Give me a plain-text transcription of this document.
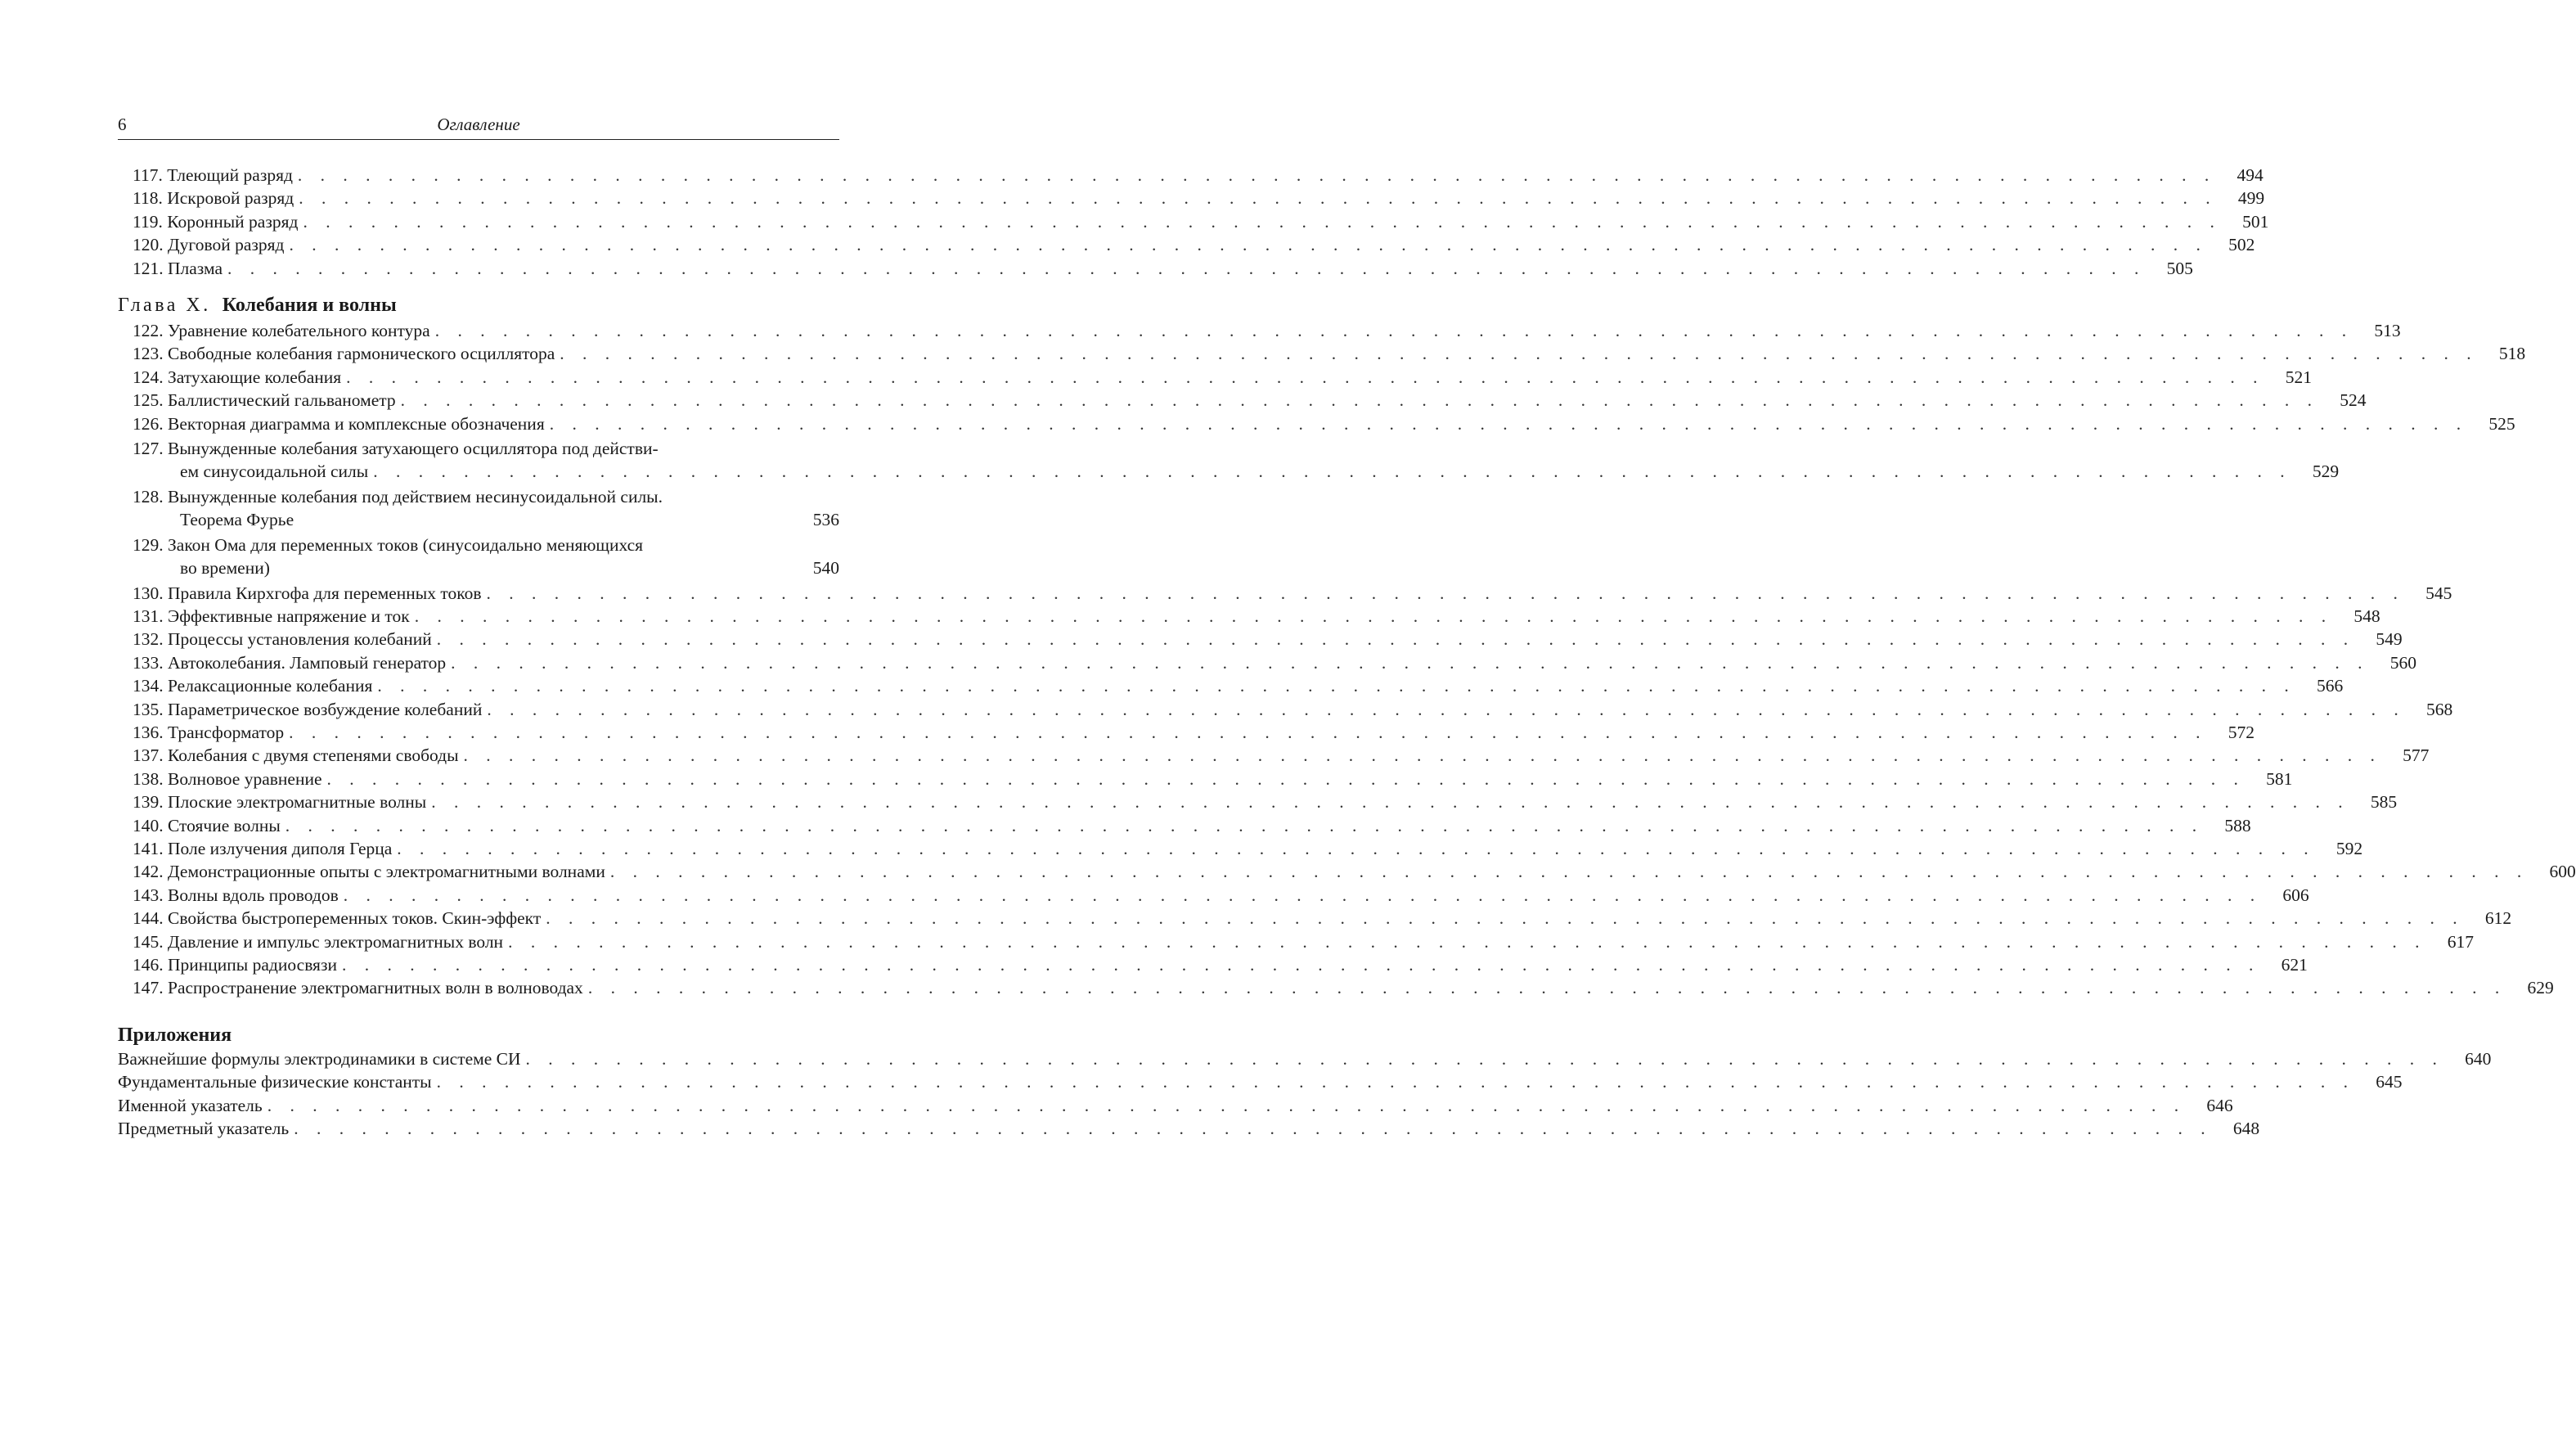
6	Оглавление
117. Тлеющий разряд . . . . . . . . . . . . . . . . . . . . . . . . . . . . . . . . . . . . . . . . . . . . . . . . . . . . . . . . . . . . . . . . . . . . . . . . . . . . . . . . . . . . .	494
118. Искровой разряд . . . . . . . . . . . . . . . . . . . . . . . . . . . . . . . . . . . . . . . . . . . . . . . . . . . . . . . . . . . . . . . . . . . . . . . . . . . . . . . . . . . . .	499
119. Коронный разряд . . . . . . . . . . . . . . . . . . . . . . . . . . . . . . . . . . . . . . . . . . . . . . . . . . . . . . . . . . . . . . . . . . . . . . . . . . . . . . . . . . . . .	501
120. Дуговой разряд . . . . . . . . . . . . . . . . . . . . . . . . . . . . . . . . . . . . . . . . . . . . . . . . . . . . . . . . . . . . . . . . . . . . . . . . . . . . . . . . . . . . .	502
121. Плазма . . . . . . . . . . . . . . . . . . . . . . . . . . . . . . . . . . . . . . . . . . . . . . . . . . . . . . . . . . . . . . . . . . . . . . . . . . . . . . . . . . . . .	505
Глава X. Колебания и волны
122. Уравнение колебательного контура . . . . . . . . . . . . . . . . . . . . . . . . . . . . . . . . . . . . . . . . . . . . . . . . . . . . . . . . . . . . . . . . . . . . . . . . . . . . . . . . . . . . .	513
123. Свободные колебания гармонического осциллятора . . . . . . . . . . . . . . . . . . . . . . . . . . . . . . . . . . . . . . . . . . . . . . . . . . . . . . . . . . . . . . . . . . . . . . . . . . . . . . . . . . . . .	518
124. Затухающие колебания . . . . . . . . . . . . . . . . . . . . . . . . . . . . . . . . . . . . . . . . . . . . . . . . . . . . . . . . . . . . . . . . . . . . . . . . . . . . . . . . . . . . .	521
125. Баллистический гальванометр . . . . . . . . . . . . . . . . . . . . . . . . . . . . . . . . . . . . . . . . . . . . . . . . . . . . . . . . . . . . . . . . . . . . . . . . . . . . . . . . . . . . .	524
126. Векторная диаграмма и комплексные обозначения . . . . . . . . . . . . . . . . . . . . . . . . . . . . . . . . . . . . . . . . . . . . . . . . . . . . . . . . . . . . . . . . . . . . . . . . . . . . . . . . . . . . .	525
127. Вынужденные колебания затухающего осциллятора под действи-
ем синусоидальной силы . . . . . . . . . . . . . . . . . . . . . . . . . . . . . . . . . . . . . . . . . . . . . . . . . . . . . . . . . . . . . . . . . . . . . . . . . . . . . . . . . . . . .	529
128. Вынужденные колебания под действием несинусоидальной силы.
Теорема Фурье	536
129. Закон Ома для переменных токов (синусоидально меняющихся
во времени)	540
130. Правила Кирхгофа для переменных токов . . . . . . . . . . . . . . . . . . . . . . . . . . . . . . . . . . . . . . . . . . . . . . . . . . . . . . . . . . . . . . . . . . . . . . . . . . . . . . . . . . . . .	545
131. Эффективные напряжение и ток . . . . . . . . . . . . . . . . . . . . . . . . . . . . . . . . . . . . . . . . . . . . . . . . . . . . . . . . . . . . . . . . . . . . . . . . . . . . . . . . . . . . .	548
132. Процессы установления колебаний . . . . . . . . . . . . . . . . . . . . . . . . . . . . . . . . . . . . . . . . . . . . . . . . . . . . . . . . . . . . . . . . . . . . . . . . . . . . . . . . . . . . .	549
133. Автоколебания. Ламповый генератор . . . . . . . . . . . . . . . . . . . . . . . . . . . . . . . . . . . . . . . . . . . . . . . . . . . . . . . . . . . . . . . . . . . . . . . . . . . . . . . . . . . . .	560
134. Релаксационные колебания . . . . . . . . . . . . . . . . . . . . . . . . . . . . . . . . . . . . . . . . . . . . . . . . . . . . . . . . . . . . . . . . . . . . . . . . . . . . . . . . . . . . .	566
135. Параметрическое возбуждение колебаний . . . . . . . . . . . . . . . . . . . . . . . . . . . . . . . . . . . . . . . . . . . . . . . . . . . . . . . . . . . . . . . . . . . . . . . . . . . . . . . . . . . . .	568
136. Трансформатор . . . . . . . . . . . . . . . . . . . . . . . . . . . . . . . . . . . . . . . . . . . . . . . . . . . . . . . . . . . . . . . . . . . . . . . . . . . . . . . . . . . . .	572
137. Колебания с двумя степенями свободы . . . . . . . . . . . . . . . . . . . . . . . . . . . . . . . . . . . . . . . . . . . . . . . . . . . . . . . . . . . . . . . . . . . . . . . . . . . . . . . . . . . . .	577
138. Волновое уравнение . . . . . . . . . . . . . . . . . . . . . . . . . . . . . . . . . . . . . . . . . . . . . . . . . . . . . . . . . . . . . . . . . . . . . . . . . . . . . . . . . . . . .	581
139. Плоские электромагнитные волны . . . . . . . . . . . . . . . . . . . . . . . . . . . . . . . . . . . . . . . . . . . . . . . . . . . . . . . . . . . . . . . . . . . . . . . . . . . . . . . . . . . . .	585
140. Стоячие волны . . . . . . . . . . . . . . . . . . . . . . . . . . . . . . . . . . . . . . . . . . . . . . . . . . . . . . . . . . . . . . . . . . . . . . . . . . . . . . . . . . . . .	588
141. Поле излучения диполя Герца . . . . . . . . . . . . . . . . . . . . . . . . . . . . . . . . . . . . . . . . . . . . . . . . . . . . . . . . . . . . . . . . . . . . . . . . . . . . . . . . . . . . .	592
142. Демонстрационные опыты с электромагнитными волнами . . . . . . . . . . . . . . . . . . . . . . . . . . . . . . . . . . . . . . . . . . . . . . . . . . . . . . . . . . . . . . . . . . . . . . . . . . . . . . . . . . . . .	600
143. Волны вдоль проводов . . . . . . . . . . . . . . . . . . . . . . . . . . . . . . . . . . . . . . . . . . . . . . . . . . . . . . . . . . . . . . . . . . . . . . . . . . . . . . . . . . . . .	606
144. Свойства быстропеременных токов. Скин-эффект . . . . . . . . . . . . . . . . . . . . . . . . . . . . . . . . . . . . . . . . . . . . . . . . . . . . . . . . . . . . . . . . . . . . . . . . . . . . . . . . . . . . .	612
145. Давление и импульс электромагнитных волн . . . . . . . . . . . . . . . . . . . . . . . . . . . . . . . . . . . . . . . . . . . . . . . . . . . . . . . . . . . . . . . . . . . . . . . . . . . . . . . . . . . . .	617
146. Принципы радиосвязи . . . . . . . . . . . . . . . . . . . . . . . . . . . . . . . . . . . . . . . . . . . . . . . . . . . . . . . . . . . . . . . . . . . . . . . . . . . . . . . . . . . . .	621
147. Распространение электромагнитных волн в волноводах . . . . . . . . . . . . . . . . . . . . . . . . . . . . . . . . . . . . . . . . . . . . . . . . . . . . . . . . . . . . . . . . . . . . . . . . . . . . . . . . . . . . .	629
Приложения
Важнейшие формулы электродинамики в системе СИ . . . . . . . . . . . . . . . . . . . . . . . . . . . . . . . . . . . . . . . . . . . . . . . . . . . . . . . . . . . . . . . . . . . . . . . . . . . . . . . . . . . . .	640
Фундаментальные физические константы . . . . . . . . . . . . . . . . . . . . . . . . . . . . . . . . . . . . . . . . . . . . . . . . . . . . . . . . . . . . . . . . . . . . . . . . . . . . . . . . . . . . .	645
Именной указатель . . . . . . . . . . . . . . . . . . . . . . . . . . . . . . . . . . . . . . . . . . . . . . . . . . . . . . . . . . . . . . . . . . . . . . . . . . . . . . . . . . . . .	646
Предметный указатель . . . . . . . . . . . . . . . . . . . . . . . . . . . . . . . . . . . . . . . . . . . . . . . . . . . . . . . . . . . . . . . . . . . . . . . . . . . . . . . . . . . . .	648
